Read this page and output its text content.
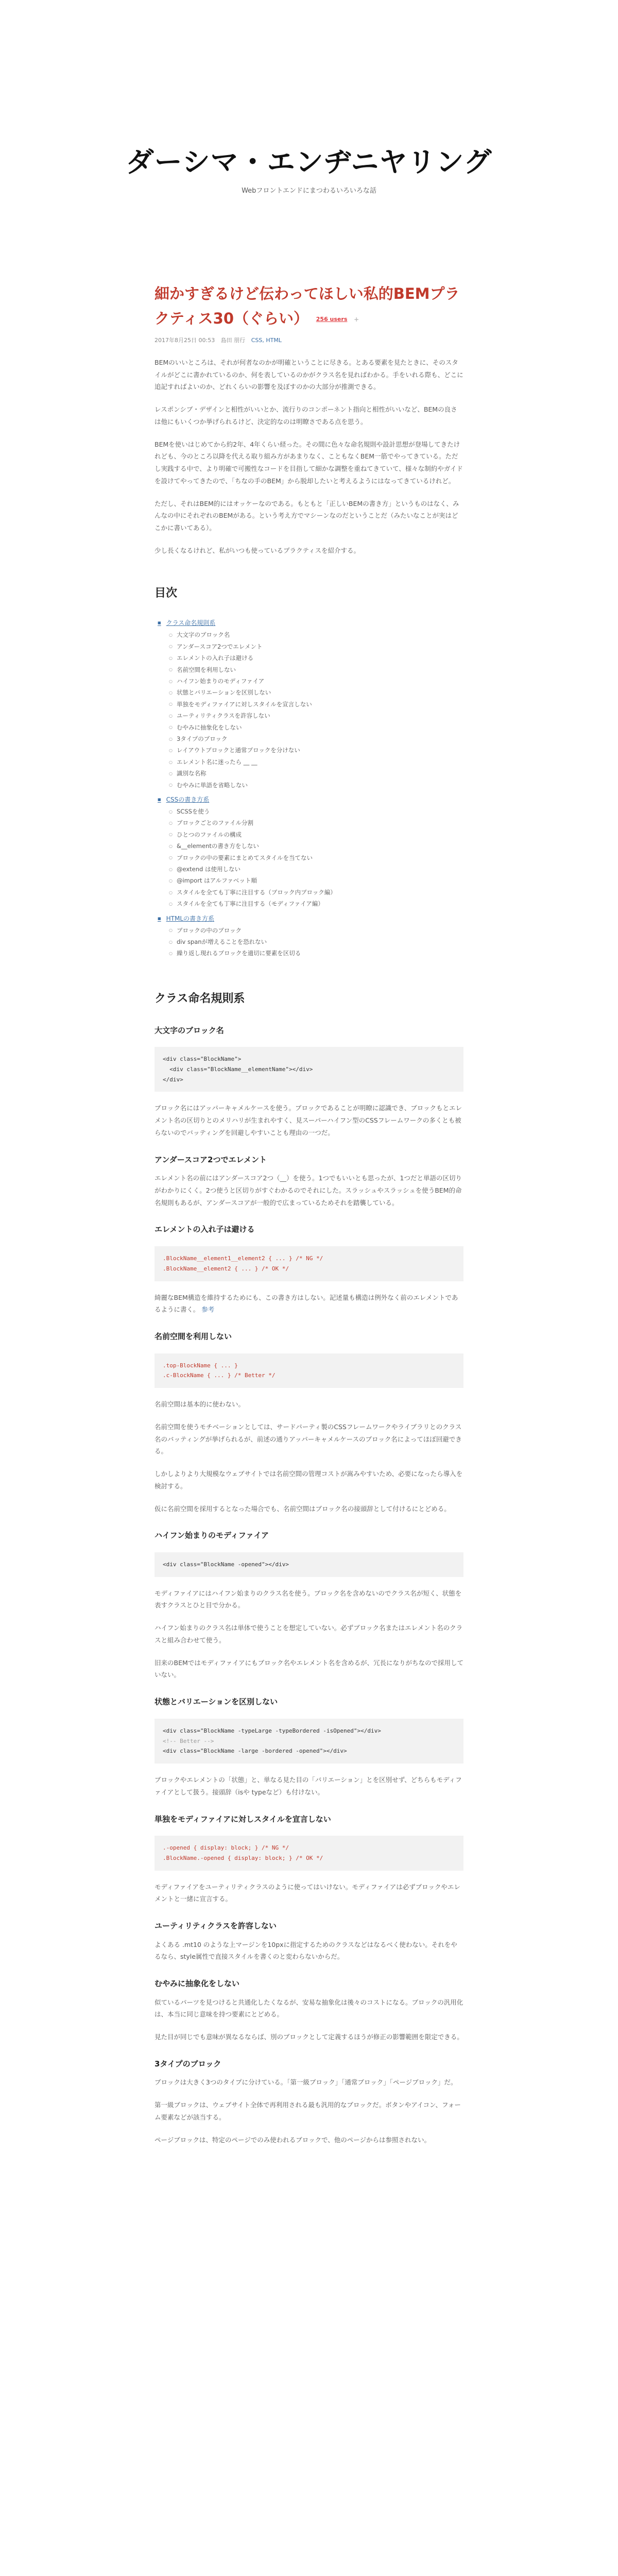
ダーシマ・エンヂニヤリング
Webフロントエンドにまつわるいろいろな話
細かすぎるけど伝わってほしい私的BEMプラクティス30（ぐらい） 256 users +
2017年8月25日 00:53 島田 朋行 CSS, HTML

BEMのいいところは、それが何者なのかが明確ということに尽きる。とある要素を見たときに、そのスタイルがどこに書かれているのか、何を表しているのかがクラス名を見ればわかる。手をいれる際も、どこに追記すればよいのか、どれくらいの影響を及ぼすのかの大部分が推測できる。

レスポンシブ・デザインと相性がいいとか、流行りのコンポーネント指向と相性がいいなど、BEMの良さは他にもいくつか挙げられるけど、決定的なのは明瞭さである点を思う。

BEMを使いはじめてから約2年、4年くらい経った。その間に色々な命名規則や設計思想が登場してきたけれども、今のところ以降を代える取り組み方があまりなく、こともなくBEM一筋でやってきている。ただし実践する中で、より明確で可搬性なコードを目指して細かな調整を重ねてきていて、様々な制約やガイドを設けてやってきたので、「ちなの手のBEM」から脱却したいと考えるようにはなってきているけれど。

ただし、それはBEM的にはオッケーなのである。もともと「正しいBEMの書き方」というものはなく、みんなの中にそれぞれのBEMがある。という考え方でマシーンなのだということだ（みたいなことが実はどこかに書いてある）。

少し長くなるけれど、私がいつも使っているプラクティスを紹介する。

目次
■ クラス命名規則系
○ 大文字のブロック名
○ アンダースコア2つでエレメント
○ エレメントの入れ子は避ける
○ 名前空間を利用しない
○ ハイフン始まりのモディファイア
○ 状態とバリエーションを区別しない
○ 単独をモディファイアに対しスタイルを宣言しない
○ ユーティリティクラスを許容しない
○ むやみに抽象化をしない
○ 3タイプのブロック
○ レイアウトブロックと通常ブロックを分けない
○ エレメント名に迷ったら __ __
○ 識別な名称
○ むやみに単語を省略しない
■ CSSの書き方系
○ SCSSを使う
○ ブロックごとのファイル分割
○ ひとつのファイルの構成
○ &__elementの書き方をしない
○ ブロックの中の要素にまとめてスタイルを当てない
○ @extend は使用しない
○ @import はアルファベット順
○ スタイルを全ても丁寧に注目する（ブロック内ブロック編）
○ スタイルを全ても丁寧に注目する（モディファイア編）
■ HTMLの書き方系
○ ブロックの中のブロック
○ div spanが増えることを恐れない
○ 繰り返し現れるブロックを適切に要素を区切る
クラス命名規則系
大文字のブロック名
<div class="BlockName">
<div class="BlockName__elementName"></div>
</div>

ブロック名にはアッパーキャメルケースを使う。ブロックであることが明瞭に認識でき、ブロックもとエレメント名の区切りとのメリハリが生まれやすく、見スーパーハイフン型のCSSフレームワークの多くとも被らないのでバッティングを回避しやすいことも理由の一つだ。

アンダースコア2つでエレメント

エレメント名の前にはアンダースコア2つ（__）を使う。1つでもいいとも思ったが、1つだと単語の区切りがわかりにくく。2つ使うと区切りがすぐわかるのでそれにした。スラッシュやスラッシュを使うBEM的命名規則もあるが、アンダースコアが一般的で広まっているためそれを踏襲している。

エレメントの入れ子は避ける
.BlockName__element1__element2 { ... } /* NG */
.BlockName__element2 { ... } /* OK */

綺麗なBEM構造を維持するためにも、この書き方はしない。記述量も構造は例外なく前のエレメントであるように書く。 参考

名前空間を利用しない
.top-BlockName { ... }
.c-BlockName { ... } /* Better */

名前空間は基本的に使わない。

名前空間を使うモチベーションとしては、サードパーティ製のCSSフレームワークやライブラリとのクラス名のバッティングが挙げられるが、前述の通りアッパーキャメルケースのブロック名によってほぼ回避できる。

しかしよりより大規模なウェブサイトでは名前空間の管理コストが嵩みやすいため、必要になったら導入を検討する。

仮に名前空間を採用するとなった場合でも、名前空間はブロック名の接頭辞として付けるにとどめる。

ハイフン始まりのモディファイア
<div class="BlockName -opened"></div>

モディファイアにはハイフン始まりのクラス名を使う。ブロック名を含めないのでクラス名が短く、状態を表すクラスとひと目で分かる。

ハイフン始まりのクラス名は単体で使うことを想定していない。必ずブロック名またはエレメント名のクラスと組み合わせて使う。

旧来のBEMではモディファイアにもブロック名やエレメント名を含めるが、冗長になりがちなので採用していない。

状態とバリエーションを区別しない
<div class="BlockName -typeLarge -typeBordered -isOpened"></div>
<!-- Better -->
<div class="BlockName -large -bordered -opened"></div>

ブロックやエレメントの「状態」と、単なる見た目の「バリエーション」とを区別せず、どちらもモディファイアとして扱う。接頭辞（isや typeなど）も付けない。

単独をモディファイアに対しスタイルを宣言しない
.-opened { display: block; } /* NG */
.BlockName.-opened { display: block; } /* OK */

モディファイアをユーティリティクラスのように使ってはいけない。モディファイアは必ずブロックやエレメントと一緒に宣言する。

ユーティリティクラスを許容しない

よくある .mt10 のような上マージンを10pxに指定するためのクラスなどはなるべく使わない。それをやるなら、style属性で直接スタイルを書くのと変わらないからだ。

むやみに抽象化をしない

似ているパーツを見つけると共通化したくなるが、安易な抽象化は後々のコストになる。ブロックの汎用化は、本当に同じ意味を持つ要素にとどめる。

見た目が同じでも意味が異なるならば、別のブロックとして定義するほうが修正の影響範囲を限定できる。

3タイプのブロック

ブロックは大きく3つのタイプに分けている。「第一級ブロック」「通常ブロック」「ページブロック」だ。

第一級ブロックは、ウェブサイト全体で再利用される最も汎用的なブロックだ。ボタンやアイコン、フォーム要素などが該当する。

ページブロックは、特定のページでのみ使われるブロックで、他のページからは参照されない。
